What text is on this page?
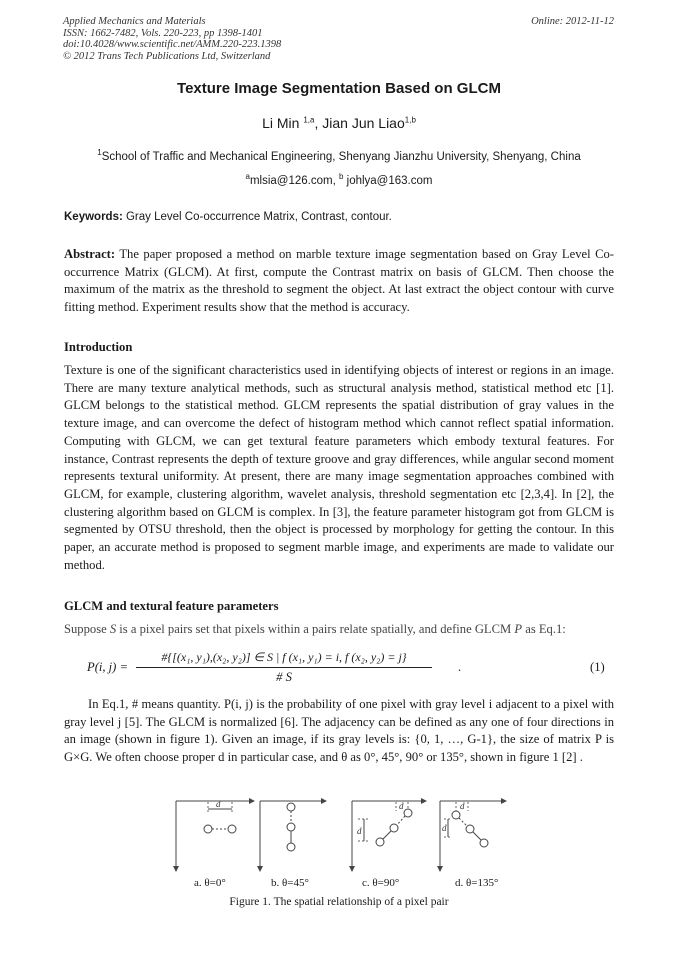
Applied Mechanics and Materials
ISSN: 1662-7482, Vols. 220-223, pp 1398-1401
doi:10.4028/www.scientific.net/AMM.220-223.1398
© 2012 Trans Tech Publications Ltd, Switzerland
Online: 2012-11-12
Texture Image Segmentation Based on GLCM
Li Min $^{1,a}$, Jian Jun Liao$^{1,b}$
$^1$School of Traffic and Mechanical Engineering, Shenyang Jianzhu University, Shenyang, China
$^a$mlsia@126.com, $^b$ johlya@163.com
Keywords: Gray Level Co-occurrence Matrix, Contrast, contour.
Abstract: The paper proposed a method on marble texture image segmentation based on Gray Level Co-occurrence Matrix (GLCM). At first, compute the Contrast matrix on basis of GLCM. Then choose the maximum of the matrix as the threshold to segment the object. At last extract the object contour with curve fitting method. Experiment results show that the method is accuracy.
Introduction
Texture is one of the significant characteristics used in identifying objects of interest or regions in an image. There are many texture analytical methods, such as structural analysis method, statistical method etc [1]. GLCM belongs to the statistical method. GLCM represents the spatial distribution of gray values in the texture image, and can overcome the defect of histogram method which cannot reflect spatial information. Computing with GLCM, we can get textural feature parameters which embody textural features. For instance, Contrast represents the depth of texture groove and gray differences, while angular second moment represents textural uniformity. At present, there are many image segmentation approaches combined with GLCM, for example, clustering algorithm, wavelet analysis, threshold segmentation etc [2,3,4]. In [2], the clustering algorithm based on GLCM is complex. In [3], the feature parameter histogram got from GLCM is segmented by OTSU threshold, then the object is processed by morphology for getting the contour. In this paper, an accurate method is proposed to segment marble image, and experiments are made to validate our method.
GLCM and textural feature parameters
Suppose S is a pixel pairs set that pixels within a pairs relate spatially, and define GLCM P as Eq.1:
P(i, j) =
#{[(x₁, y₁),(x₂, y₂)] ∈ S | f (x₁, y₁) = i, f (x₂, y₂) = j}
# S
.	(1)
In Eq.1, # means quantity. P(i, j) is the probability of one pixel with gray level i adjacent to a pixel with gray level j [5]. The GLCM is normalized [6]. The adjacency can be defined as any one of four directions in an image (shown in figure 1). Given an image, if its gray levels is: {0, 1, …, G-1}, the size of matrix P is G×G. We often choose proper d in particular case, and θ as 0°, 45°, 90° or 135°, shown in figure 1 [2] .
d	d
d
d
d
a. θ=0°	b. θ=45°	c. θ=90°	d. θ=135°
Figure 1. The spatial relationship of a pixel pair
